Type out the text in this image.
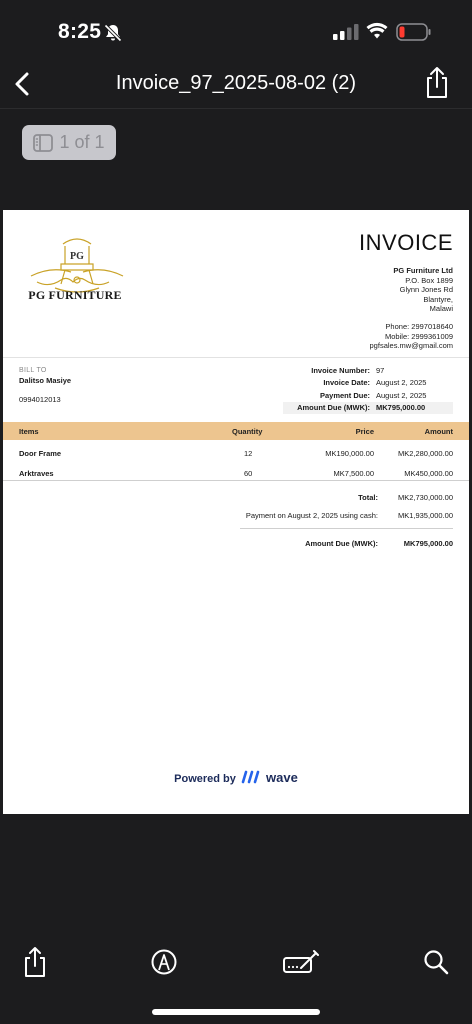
8:25
Invoice_97_2025-08-02 (2)
1 of 1
PG
PG FURNITURE
INVOICE
PG Furniture Ltd
P.O. Box 1899
Glynn Jones Rd
Blantyre,
Malawi
Phone: 2997018640
Mobile: 2999361009
pgfsales.mw@gmail.com
BILL TO
Dalitso Masiye
0994012013
Invoice Number: 97
Invoice Date: August 2, 2025
Payment Due: August 2, 2025
Amount Due (MWK): MK795,000.00
Items	Quantity	Price	Amount
Door Frame	12	MK190,000.00	MK2,280,000.00
Arktraves	60	MK7,500.00	MK450,000.00
Total:	MK2,730,000.00
Payment on August 2, 2025 using cash:	MK1,935,000.00
Amount Due (MWK):	MK795,000.00
Powered by wave
